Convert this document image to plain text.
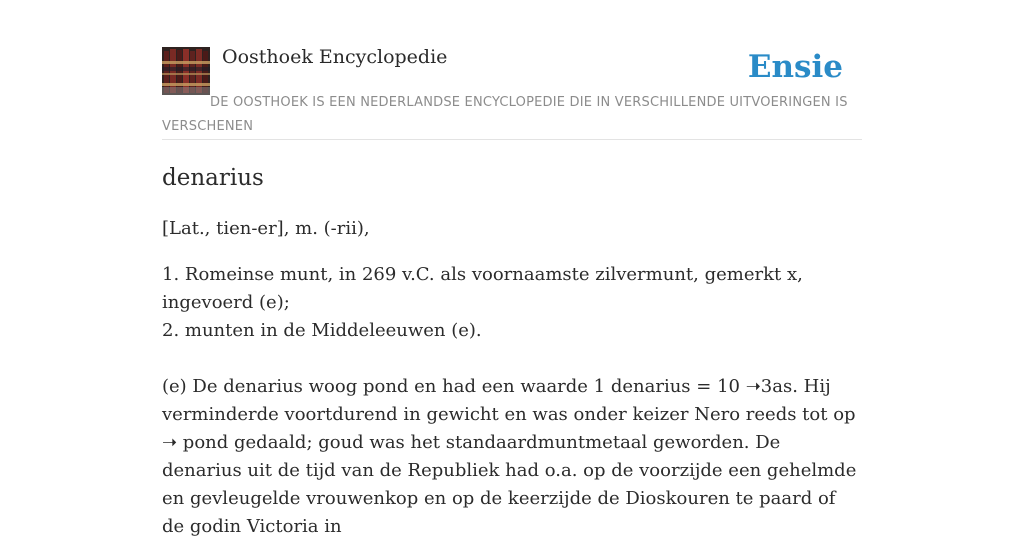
Oosthoek Encyclopedie	Ensie
DE OOSTHOEK IS EEN NEDERLANDSE ENCYCLOPEDIE DIE IN VERSCHILLENDE UITVOERINGEN IS VERSCHENEN
denarius

[Lat., tien-er], m. (-rii),

1. Romeinse munt, in 269 v.C. als voornaamste zilvermunt, gemerkt x, ingevoerd (e);
2. munten in de Middeleeuwen (e).

(e) De denarius woog pond en had een waarde 1 denarius = 10 ➝3as. Hij verminderde voortdurend in gewicht en was onder keizer Nero reeds tot op ➝ pond gedaald; goud was het standaardmuntmetaal geworden. De denarius uit de tijd van de Republiek had o.a. op de voorzijde een gehelmde en gevleugelde vrouwenkop en op de keerzijde de Dioskouren te paard of de godin Victoria in
